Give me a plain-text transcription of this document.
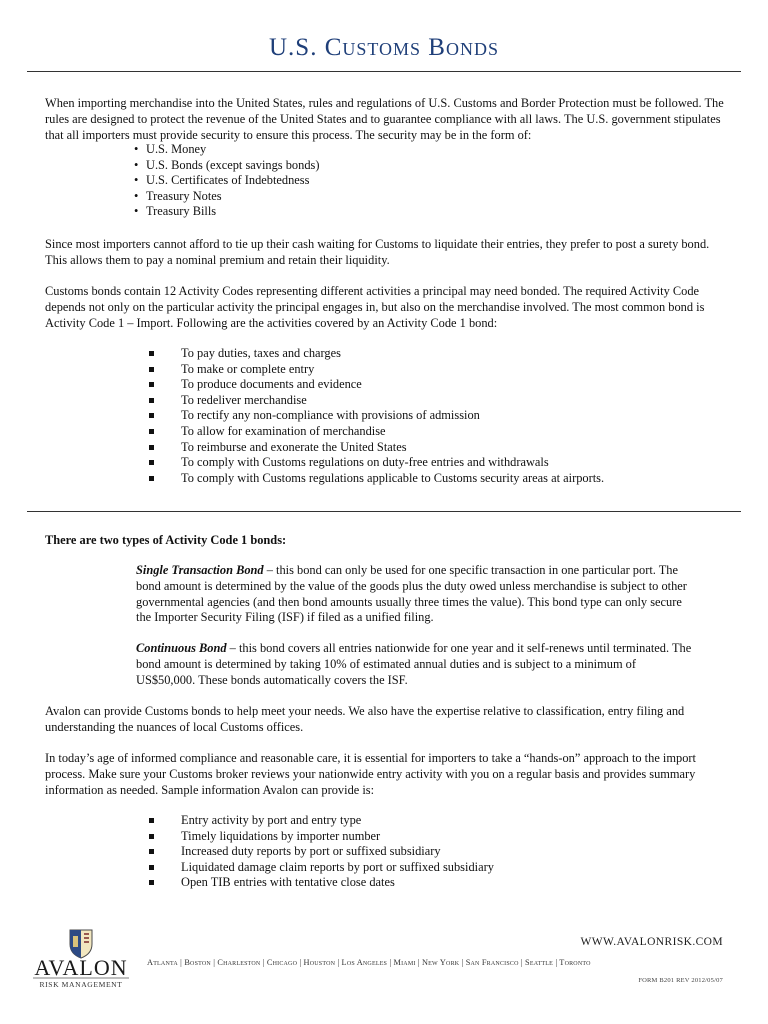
U.S. Customs Bonds

When importing merchandise into the United States, rules and regulations of U.S. Customs and Border Protection must be followed. The rules are designed to protect the revenue of the United States and to guarantee compliance with all laws. The U.S. government stipulates that all importers must provide security to ensure this process. The security may be in the form of:

• U.S. Money
• U.S. Bonds (except savings bonds)
• U.S. Certificates of Indebtedness
• Treasury Notes
• Treasury Bills

Since most importers cannot afford to tie up their cash waiting for Customs to liquidate their entries, they prefer to post a surety bond. This allows them to pay a nominal premium and retain their liquidity.

Customs bonds contain 12 Activity Codes representing different activities a principal may need bonded. The required Activity Code depends not only on the particular activity the principal engages in, but also on the merchandise involved. The most common bond is Activity Code 1 – Import. Following are the activities covered by an Activity Code 1 bond:

To pay duties, taxes and charges
To make or complete entry
To produce documents and evidence
To redeliver merchandise
To rectify any non-compliance with provisions of admission
To allow for examination of merchandise
To reimburse and exonerate the United States
To comply with Customs regulations on duty-free entries and withdrawals
To comply with Customs regulations applicable to Customs security areas at airports.

There are two types of Activity Code 1 bonds:

Single Transaction Bond – this bond can only be used for one specific transaction in one particular port. The bond amount is determined by the value of the goods plus the duty owed unless merchandise is subject to other governmental agencies (and then bond amounts usually three times the value). This bond type can only secure the Importer Security Filing (ISF) if filed as a unified filing.

Continuous Bond – this bond covers all entries nationwide for one year and it self-renews until terminated. The bond amount is determined by taking 10% of estimated annual duties and is subject to a minimum of US$50,000. These bonds automatically covers the ISF.

Avalon can provide Customs bonds to help meet your needs. We also have the expertise relative to classification, entry filing and understanding the nuances of local Customs offices.

In today’s age of informed compliance and reasonable care, it is essential for importers to take a “hands-on” approach to the import process. Make sure your Customs broker reviews your nationwide entry activity with you on a regular basis and provides summary information as needed. Sample information Avalon can provide is:

Entry activity by port and entry type
Timely liquidations by importer number
Increased duty reports by port or suffixed subsidiary
Liquidated damage claim reports by port or suffixed subsidiary
Open TIB entries with tentative close dates
AVALON
RISK MANAGEMENT
WWW.AVALONRISK.COM
Atlanta | Boston | Charleston | Chicago | Houston | Los Angeles | Miami | New York | San Francisco | Seattle | Toronto
FORM B201 REV 2012/05/07
